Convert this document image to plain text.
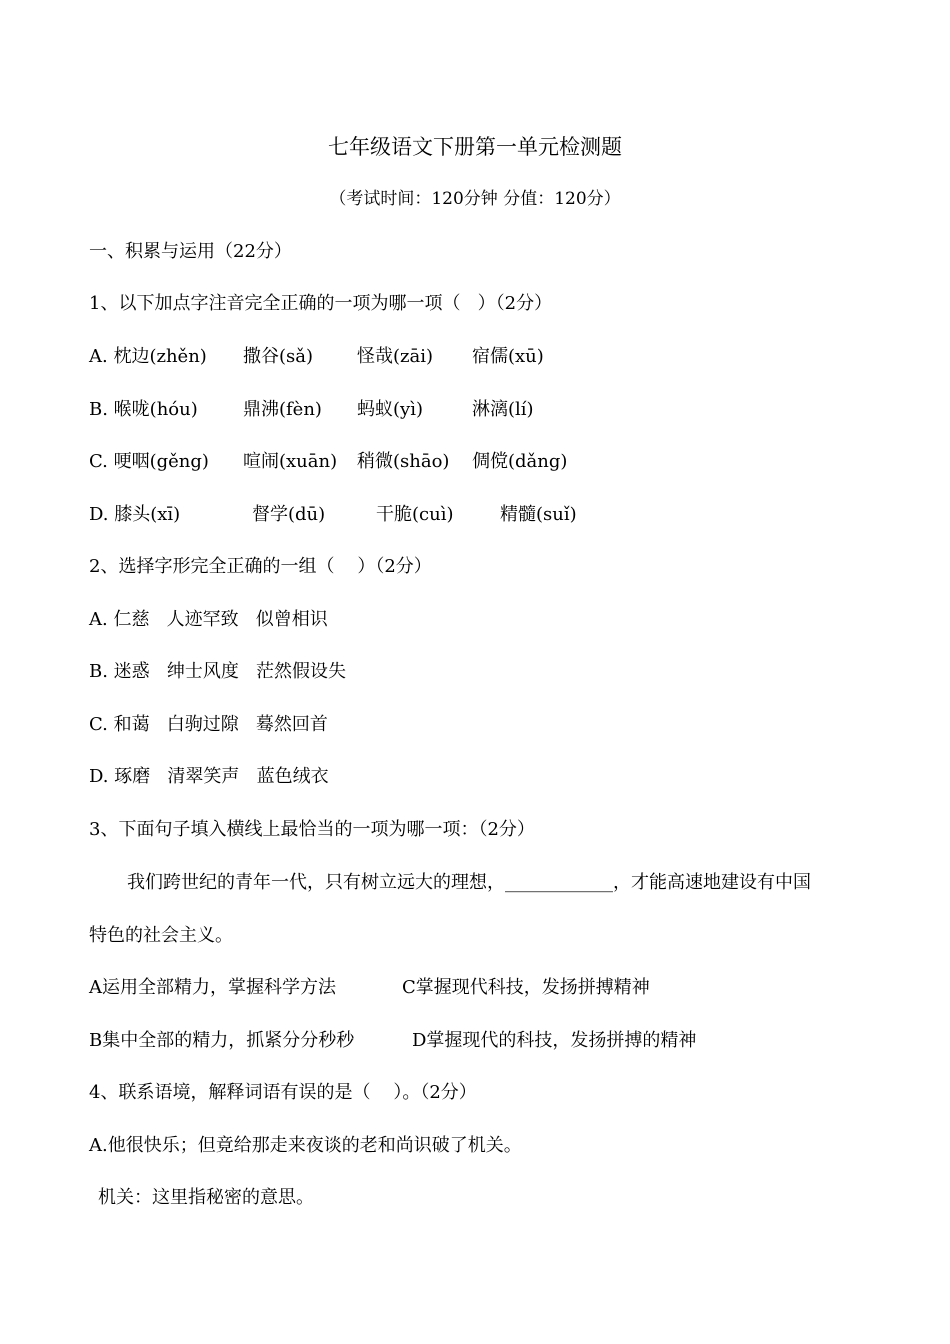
七年级语文下册第一单元检测题
（考试时间：120分钟 分值：120分）
一、积累与运用（22分）
1、以下加点字注音完全正确的一项为哪一项（   ）（2分）
A. 枕边(zhěn) 撒谷(sǎ) 怪哉(zāi) 宿儒(xū)
B. 喉咙(hóu)	鼎沸(fèn) 蚂蚁(yì)	淋漓(lí)
C. 哽咽(gěng) 喧闹(xuān) 稍微(shāo) 倜傥(dǎng)
D. 膝头(xī)	督学(dū)	干脆(cuì)	精髓(suǐ)
2、选择字形完全正确的一组（    ）（2分）
A. 仁慈   人迹罕致   似曾相识
B. 迷惑   绅士风度   茫然假设失
C. 和蔼   白驹过隙   蓦然回首
D. 琢磨   清翠笑声   蓝色绒衣
3、下面句子填入横线上最恰当的一项为哪一项：（2分）
我们跨世纪的青年一代，只有树立远大的理想，____________，才能高速地建设有中国
特色的社会主义。
A运用全部精力，掌握科学方法	C掌握现代科技，发扬拼搏精神
B集中全部的精力，抓紧分分秒秒	D掌握现代的科技，发扬拼搏的精神
4、联系语境，解释词语有误的是（    ）。（2分）
A.他很快乐；但竟给那走来夜谈的老和尚识破了机关。
机关：这里指秘密的意思。
